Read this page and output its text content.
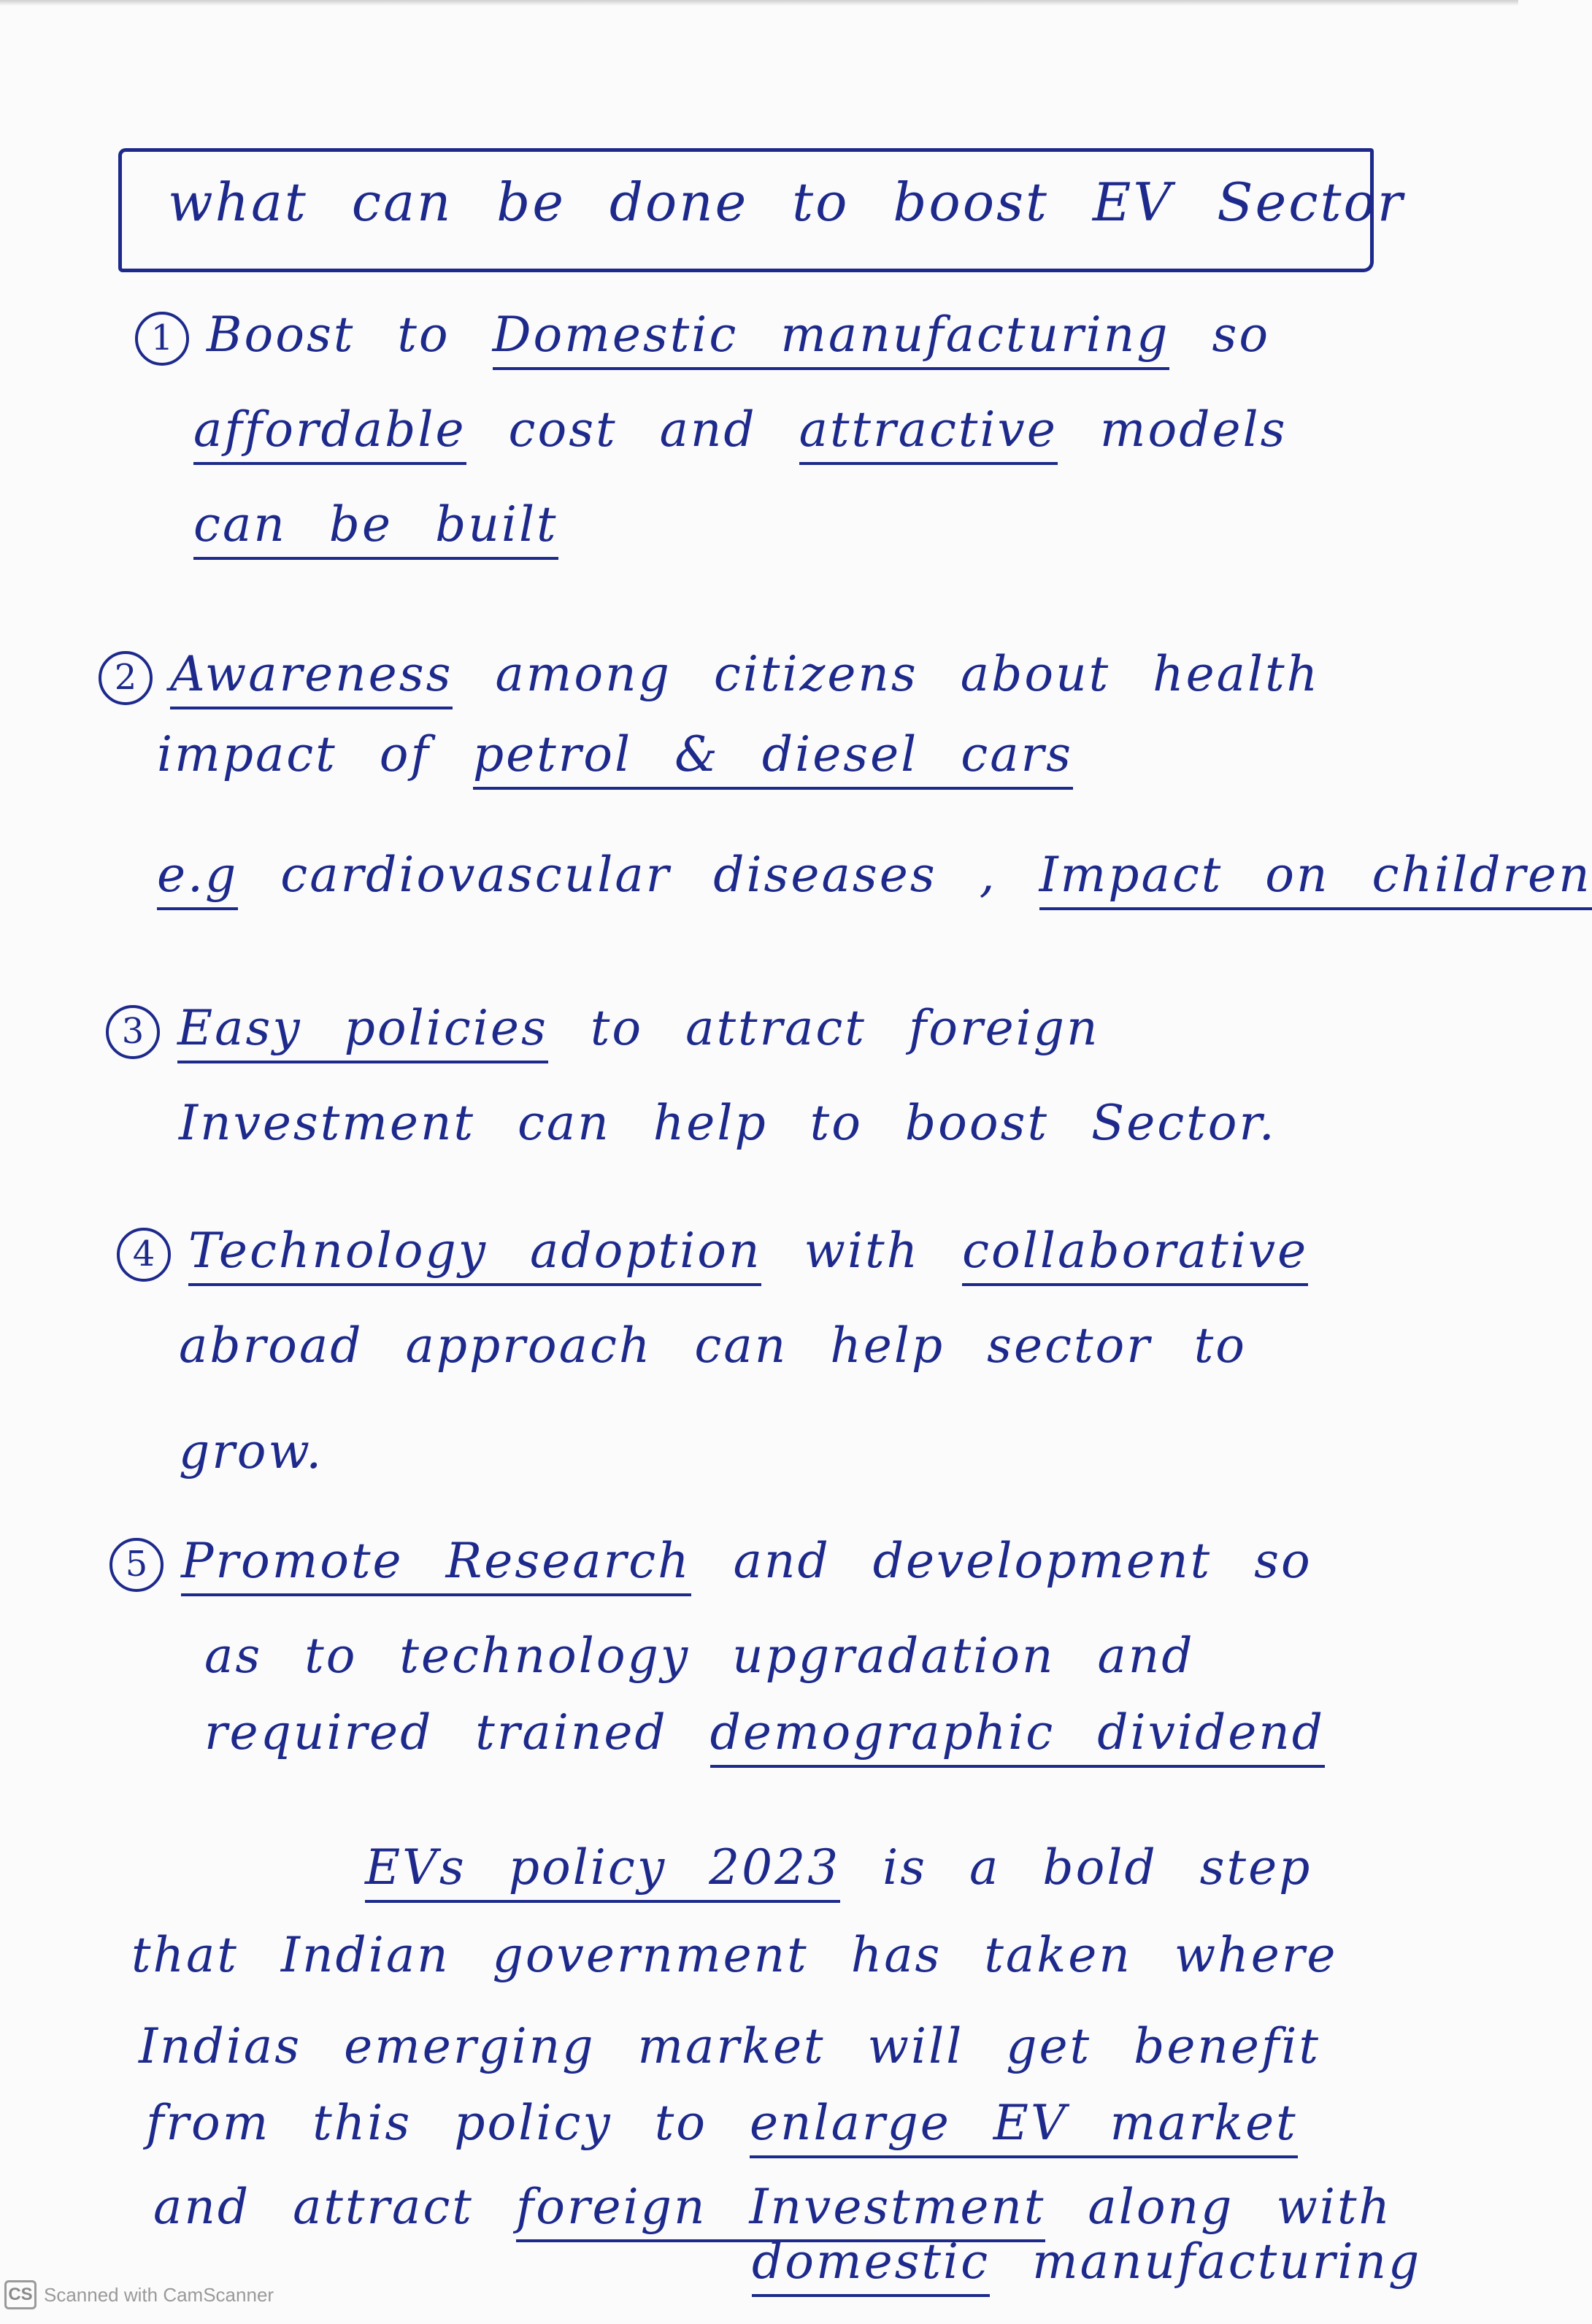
what can be done to boost EV Sector
1 Boost to Domestic manufacturing so
affordable cost and attractive models
can be built
2 Awareness among citizens about health
impact of petrol & diesel cars
e.g cardiovascular diseases , Impact on children
3 Easy policies to attract foreign
Investment can help to boost Sector.
4 Technology adoption with collaborative
abroad approach can help sector to
grow.
5 Promote Research and development so
as to technology upgradation and
required trained demographic dividend
EVs policy 2023 is a bold step
that Indian government has taken where
Indias emerging market will get benefit
from this policy to enlarge EV market
and attract foreign Investment along with
domestic manufacturing
CS Scanned with CamScanner
